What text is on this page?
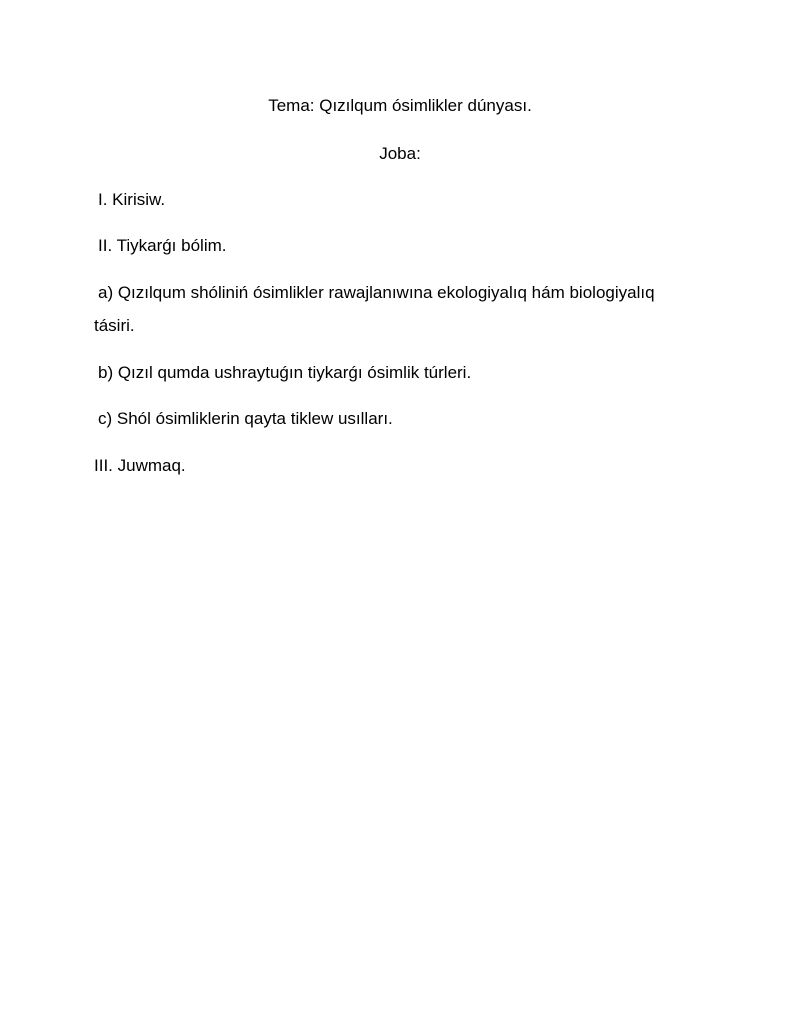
Tema: Qızılqum ósimlikler dúnyası.
Joba:
I. Kirisiw.
II. Tiykarǵı bólim.
a) Qızılqum shóliniń ósimlikler rawajlanıwına ekologiyalıq hám biologiyalıq
tásiri.
b) Qızıl qumda ushraytuǵın tiykarǵı ósimlik túrleri.
c) Shól ósimliklerin qayta tiklew usılları.
III. Juwmaq.
